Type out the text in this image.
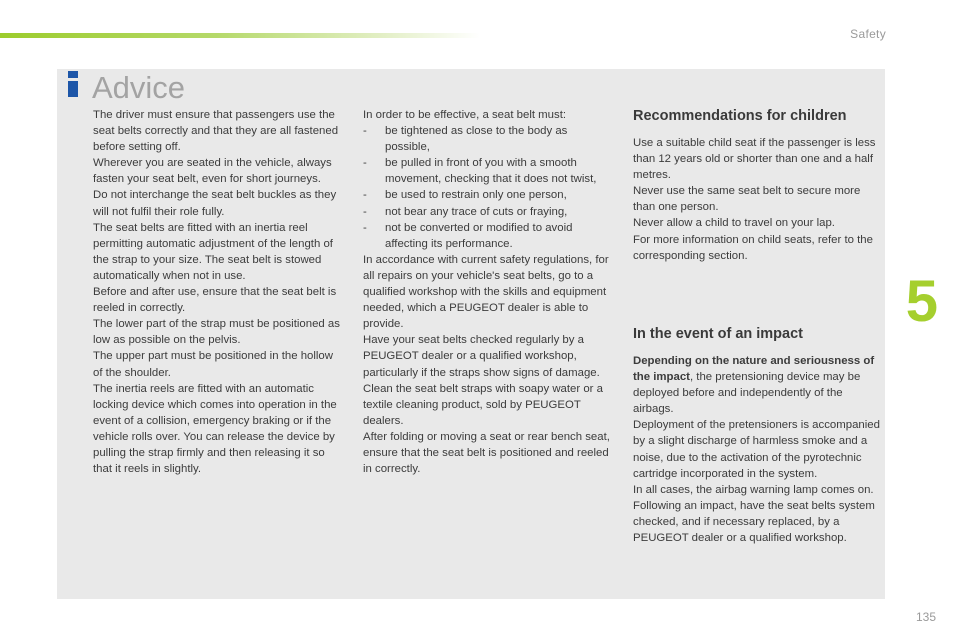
Safety
5
135
Advice

The driver must ensure that passengers use the seat belts correctly and that they are all fastened before setting off.

Wherever you are seated in the vehicle, always fasten your seat belt, even for short journeys.

Do not interchange the seat belt buckles as they will not fulfil their role fully.

The seat belts are fitted with an inertia reel permitting automatic adjustment of the length of the strap to your size. The seat belt is stowed automatically when not in use.

Before and after use, ensure that the seat belt is reeled in correctly.

The lower part of the strap must be positioned as low as possible on the pelvis.

The upper part must be positioned in the hollow of the shoulder.

The inertia reels are fitted with an automatic locking device which comes into operation in the event of a collision, emergency braking or if the vehicle rolls over. You can release the device by pulling the strap firmly and then releasing it so that it reels in slightly.

In order to be effective, a seat belt must:

- be tightened as close to the body as possible,
- be pulled in front of you with a smooth movement, checking that it does not twist,
- be used to restrain only one person,
- not bear any trace of cuts or fraying,
- not be converted or modified to avoid affecting its performance.

In accordance with current safety regulations, for all repairs on your vehicle's seat belts, go to a qualified workshop with the skills and equipment needed, which a PEUGEOT dealer is able to provide.

Have your seat belts checked regularly by a PEUGEOT dealer or a qualified workshop, particularly if the straps show signs of damage.

Clean the seat belt straps with soapy water or a textile cleaning product, sold by PEUGEOT dealers.

After folding or moving a seat or rear bench seat, ensure that the seat belt is positioned and reeled in correctly.

Recommendations for children

Use a suitable child seat if the passenger is less than 12 years old or shorter than one and a half metres.

Never use the same seat belt to secure more than one person.

Never allow a child to travel on your lap.

For more information on child seats, refer to the corresponding section.

In the event of an impact

Depending on the nature and seriousness of the impact, the pretensioning device may be deployed before and independently of the airbags.

Deployment of the pretensioners is accompanied by a slight discharge of harmless smoke and a noise, due to the activation of the pyrotechnic cartridge incorporated in the system.

In all cases, the airbag warning lamp comes on.

Following an impact, have the seat belts system checked, and if necessary replaced, by a PEUGEOT dealer or a qualified workshop.
